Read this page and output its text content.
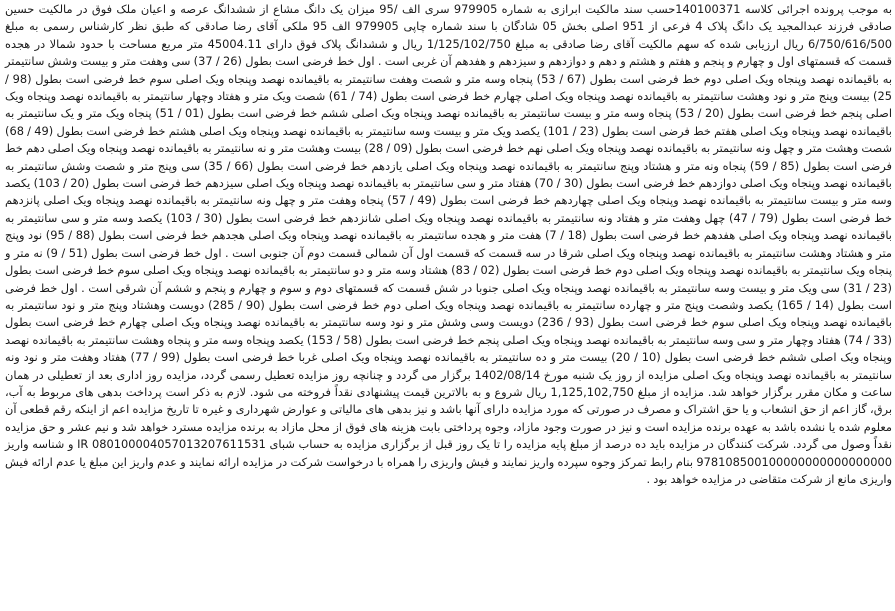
به موجب پرونده اجرائی کلاسه 140100371حسب سند مالکیت ابرازی به شماره 979905 سری الف /95 میزان یک دانگ مشاع از ششدانگ عرصه و اعیان ملک فوق در مالکیت حسین صادقی فرزند عبدالمجید یک دانگ پلاک 4 فرعی از 951 اصلی بخش 05 شادگان با سند شماره چاپی 979905 الف 95 ملکی آقای رضا صادقی که طبق نظر کارشناس رسمی به مبلغ 6/750/616/500 ریال ارزیابی شده که سهم مالکیت آقای رضا صادقی به مبلغ 1/125/102/750 ریال و ششدانگ پلاک فوق دارای 45004.11 متر مربع مساحت با حدود شمالا در هجده قسمت که قسمتهای اول و چهارم و پنجم و هفتم و هشتم و دهم و دوازدهم و سیزدهم و هفدهم آن غربی است . اول خط فرضی است بطول (26 / 37) سی وهفت متر و بیست وشش سانتیمتر به باقیمانده نهصد وپنجاه ویک اصلی دوم خط فرضی است بطول (67 / 53) پنجاه وسه متر و شصت وهفت سانتیمتر به باقیمانده نهصد وپنجاه ویک اصلی سوم خط فرضی است بطول (98 / 25) بیست وپنج متر و نود وهشت سانتیمتر به باقیمانده نهصد وپنجاه ویک اصلی چهارم خط فرضی است بطول (74 / 61) شصت ویک متر و هفتاد وچهار سانتیمتر به باقیمانده نهصد وپنجاه ویک اصلی پنجم خط فرضی است بطول (20 / 53) پنجاه وسه متر و بیست سانتیمتر به باقیمانده نهصد وپنجاه ویک اصلی ششم خط فرضی است بطول (01 / 51) پنجاه ویک متر و یک سانتیمتر به باقیمانده نهصد وپنجاه ویک اصلی هفتم خط فرضی است بطول (23 / 101) یکصد ویک متر و بیست وسه سانتیمتر به باقیمانده نهصد وپنجاه ویک اصلی هشتم خط فرضی است بطول (49 / 68) شصت وهشت متر و چهل ونه سانتیمتر به باقیمانده نهصد وپنجاه ویک اصلی نهم خط فرضی است بطول (09 / 28) بیست وهشت متر و نه سانتیمتر به باقیمانده نهصد وپنجاه ویک اصلی دهم خط فرضی است بطول (85 / 59) پنجاه ونه متر و هشتاد وپنج سانتیمتر به باقیمانده نهصد وپنجاه ویک اصلی یازدهم خط فرضی است بطول (66 / 35) سی وپنج متر و شصت وشش سانتیمتر به باقیمانده نهصد وپنجاه ویک اصلی دوازدهم خط فرضی است بطول (30 / 70) هفتاد متر و سی سانتیمتر به باقیمانده نهصد وپنجاه ویک اصلی سیزدهم خط فرضی است بطول (20 / 103) یکصد وسه متر و بیست سانتیمتر به باقیمانده نهصد وپنجاه ویک اصلی چهاردهم خط فرضی است بطول (49 / 57) پنجاه وهفت متر و چهل ونه سانتیمتر به باقیمانده نهصد وپنجاه ویک اصلی پانزدهم خط فرضی است بطول (79 / 47) چهل وهفت متر و هفتاد ونه سانتیمتر به باقیمانده نهصد وپنجاه ویک اصلی شانزدهم خط فرضی است بطول (30 / 103) یکصد وسه متر و سی سانتیمتر به باقیمانده نهصد وپنجاه ویک اصلی هفدهم خط فرضی است بطول (18 / 7) هفت متر و هجده سانتیمتر به باقیمانده نهصد وپنجاه ویک اصلی هجدهم خط فرضی است بطول (88 / 95) نود وپنج متر و هشتاد وهشت سانتیمتر به باقیمانده نهصد وپنجاه ویک اصلی شرقا در سه قسمت که قسمت اول آن شمالی قسمت دوم آن جنوبی است . اول خط فرضی است بطول (51 / 9) نه متر و پنجاه ویک سانتیمتر به باقیمانده نهصد وپنجاه ویک اصلی دوم خط فرضی است بطول (02 / 83) هشتاد وسه متر و دو سانتیمتر به باقیمانده نهصد وپنجاه ویک اصلی سوم خط فرضی است بطول (23 / 31) سی ویک متر و بیست وسه سانتیمتر به باقیمانده نهصد وپنجاه ویک اصلی جنوبا در شش قسمت که قسمتهای دوم و سوم و چهارم و پنجم و ششم آن شرقی است . اول خط فرضی است بطول (14 / 165) یکصد وشصت وپنج متر و چهارده سانتیمتر به باقیمانده نهصد وپنجاه ویک اصلی دوم خط فرضی است بطول (90 / 285) دویست وهشتاد وپنج متر و نود سانتیمتر به باقیمانده نهصد وپنجاه ویک اصلی سوم خط فرضی است بطول (93 / 236) دویست وسی وشش متر و نود وسه سانتیمتر به باقیمانده نهصد وپنجاه ویک اصلی چهارم خط فرضی است بطول (33 / 74) هفتاد وچهار متر و سی وسه سانتیمتر به باقیمانده نهصد وپنجاه ویک اصلی پنجم خط فرضی است بطول (58 / 153) یکصد وپنجاه وسه متر و پنجاه وهشت سانتیمتر به باقیمانده نهصد وپنجاه ویک اصلی ششم خط فرضی است بطول (10 / 20) بیست متر و ده سانتیمتر به باقیمانده نهصد وپنجاه ویک اصلی غربا خط فرضی است بطول (99 / 77) هفتاد وهفت متر و نود ونه سانتیمتر به باقیمانده نهصد وپنجاه ویک اصلی مزایده از روز یک شنبه مورخ 1402/08/14 برگزار می گردد و چنانچه روز مزایده تعطیل رسمی گردد، مزایده روز اداری بعد از تعطیلی در همان ساعت و مکان مقرر برگزار خواهد شد. مزایده از مبلغ 1,125,102,750 ریال شروع و به بالاترین قیمت پیشنهادی نقداً فروخته می شود. لازم به ذکر است پرداخت بدهی های مربوط به آب، برق، گاز اعم از حق انشعاب و یا حق اشتراک و مصرف در صورتی که مورد مزایده دارای آنها باشد و نیز بدهی های مالیاتی و عوارض شهرداری و غیره تا تاریخ مزایده اعم از اینکه رقم قطعی آن معلوم شده یا نشده باشد به عهده برنده مزایده است و نیز در صورت وجود مازاد، وجوه پرداختی بابت هزینه های فوق از محل مازاد به برنده مزایده مسترد خواهد شد و نیم عشر و حق مزایده نقداً وصول می گردد. شرکت کنندگان در مزایده باید ده درصد از مبلغ پایه مزایده را تا یک روز قبل از برگزاری مزایده به حساب شبای IR 080100004057013207611531 و شناسه واریز 978108500100000000000000000 بنام رابط تمرکز وجوه سپرده واریز نمایند و فیش واریزی را همراه با درخواست شرکت در مزایده ارائه نمایند و عدم واریز این مبلغ یا عدم ارائه فیش واریزی مانع از شرکت متقاضی در مزایده خواهد بود .
